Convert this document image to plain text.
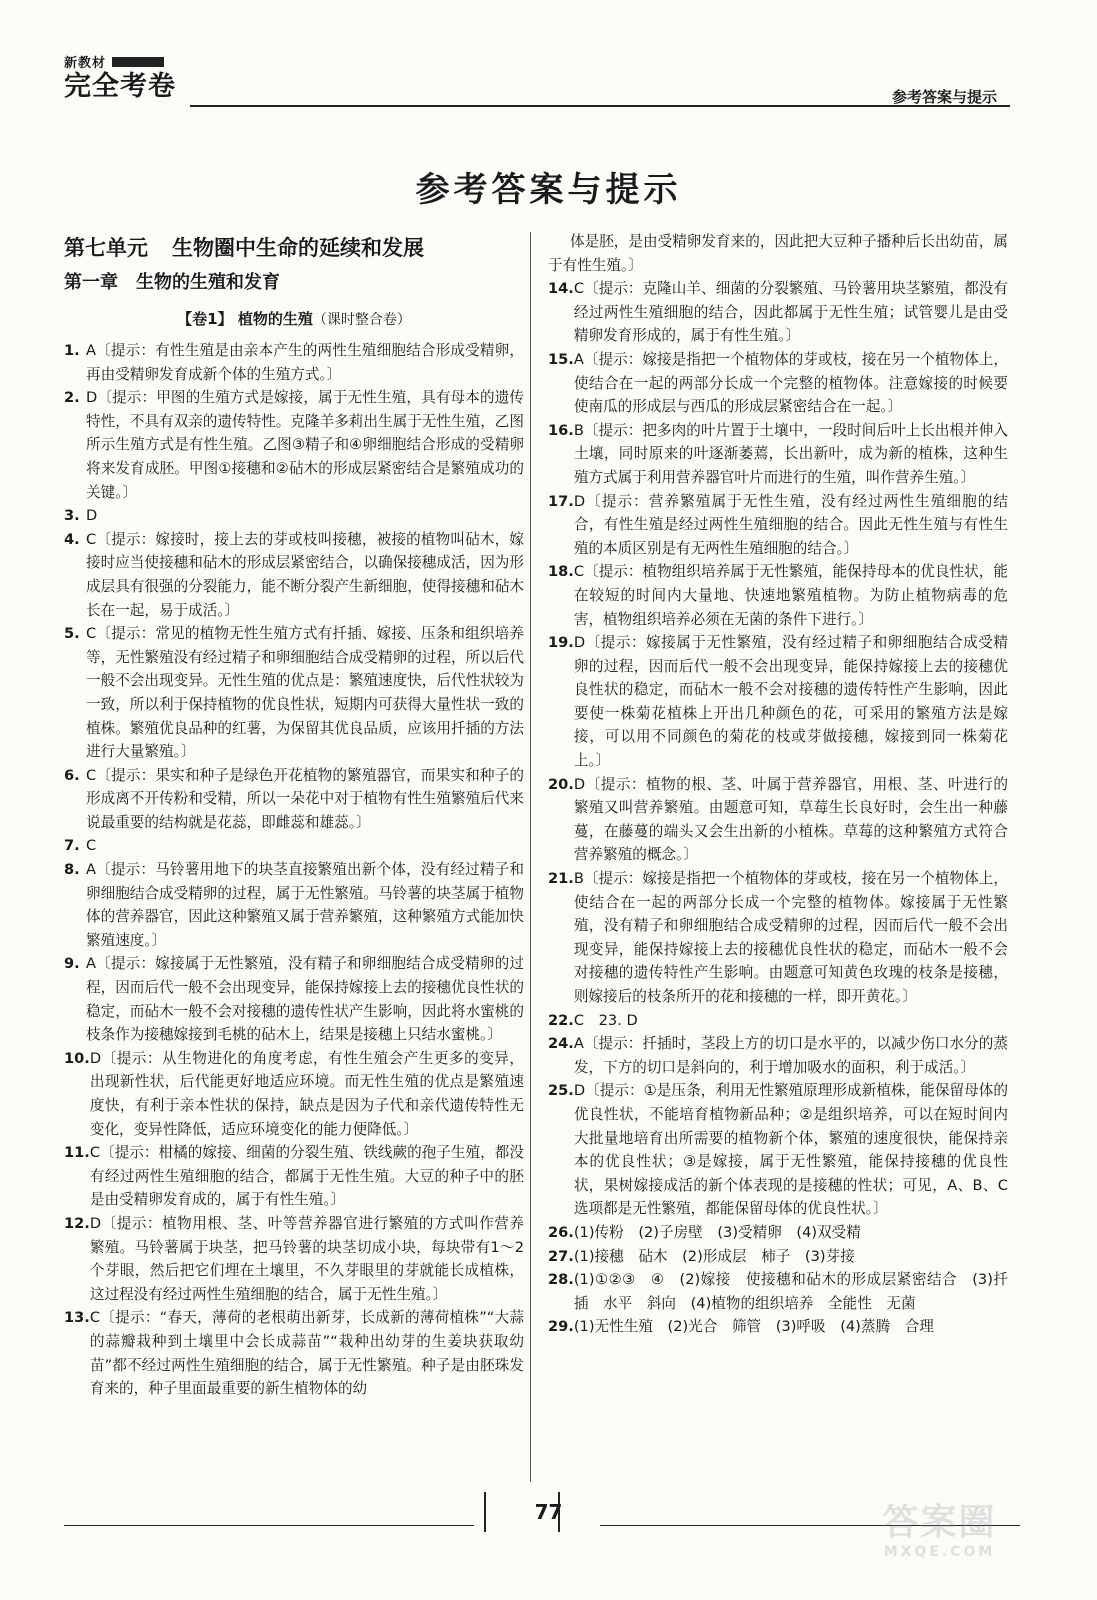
新教材
完全考卷	参考答案与提示
参考答案与提示
第七单元 生物圈中生命的延续和发展
第一章 生物的生殖和发育
【卷1】 植物的生殖（课时整合卷）
1. A〔提示：有性生殖是由亲本产生的两性生殖细胞结合形成受精卵，再由受精卵发育成新个体的生殖方式。〕
2. D〔提示：甲图的生殖方式是嫁接，属于无性生殖，具有母本的遗传特性，不具有双亲的遗传特性。克隆羊多莉出生属于无性生殖，乙图所示生殖方式是有性生殖。乙图③精子和④卵细胞结合形成的受精卵将来发育成胚。甲图①接穗和②砧木的形成层紧密结合是繁殖成功的关键。〕
3. D
4. C〔提示：嫁接时，接上去的芽或枝叫接穗，被接的植物叫砧木，嫁接时应当使接穗和砧木的形成层紧密结合，以确保接穗成活，因为形成层具有很强的分裂能力，能不断分裂产生新细胞，使得接穗和砧木长在一起，易于成活。〕
5. C〔提示：常见的植物无性生殖方式有扦插、嫁接、压条和组织培养等，无性繁殖没有经过精子和卵细胞结合成受精卵的过程，所以后代一般不会出现变异。无性生殖的优点是：繁殖速度快，后代性状较为一致，所以利于保持植物的优良性状，短期内可获得大量性状一致的植株。繁殖优良品种的红薯，为保留其优良品质，应该用扦插的方法进行大量繁殖。〕
6. C〔提示：果实和种子是绿色开花植物的繁殖器官，而果实和种子的形成离不开传粉和受精，所以一朵花中对于植物有性生殖繁殖后代来说最重要的结构就是花蕊，即雌蕊和雄蕊。〕
7. C
8. A〔提示：马铃薯用地下的块茎直接繁殖出新个体，没有经过精子和卵细胞结合成受精卵的过程，属于无性繁殖。马铃薯的块茎属于植物体的营养器官，因此这种繁殖又属于营养繁殖，这种繁殖方式能加快繁殖速度。〕
9. A〔提示：嫁接属于无性繁殖，没有精子和卵细胞结合成受精卵的过程，因而后代一般不会出现变异，能保持嫁接上去的接穗优良性状的稳定，而砧木一般不会对接穗的遗传性状产生影响，因此将水蜜桃的枝条作为接穗嫁接到毛桃的砧木上，结果是接穗上只结水蜜桃。〕
10. D〔提示：从生物进化的角度考虑，有性生殖会产生更多的变异，出现新性状，后代能更好地适应环境。而无性生殖的优点是繁殖速度快，有利于亲本性状的保持，缺点是因为子代和亲代遗传特性无变化，变异性降低，适应环境变化的能力便降低。〕
11. C〔提示：柑橘的嫁接、细菌的分裂生殖、铁线蕨的孢子生殖，都没有经过两性生殖细胞的结合，都属于无性生殖。大豆的种子中的胚是由受精卵发育成的，属于有性生殖。〕
12. D〔提示：植物用根、茎、叶等营养器官进行繁殖的方式叫作营养繁殖。马铃薯属于块茎，把马铃薯的块茎切成小块，每块带有1～2个芽眼，然后把它们埋在土壤里，不久芽眼里的芽就能长成植株，这过程没有经过两性生殖细胞的结合，属于无性生殖。〕
13. C〔提示：“春天，薄荷的老根萌出新芽，长成新的薄荷植株”“大蒜的蒜瓣栽种到土壤里中会长成蒜苗”“栽种出幼芽的生姜块获取幼苗”都不经过两性生殖细胞的结合，属于无性繁殖。种子是由胚珠发育来的，种子里面最重要的新生植物体的幼
体是胚，是由受精卵发育来的，因此把大豆种子播种后长出幼苗，属于有性生殖。〕
14. C〔提示：克隆山羊、细菌的分裂繁殖、马铃薯用块茎繁殖，都没有经过两性生殖细胞的结合，因此都属于无性生殖；试管婴儿是由受精卵发育形成的，属于有性生殖。〕
15. A〔提示：嫁接是指把一个植物体的芽或枝，接在另一个植物体上，使结合在一起的两部分长成一个完整的植物体。注意嫁接的时候要使南瓜的形成层与西瓜的形成层紧密结合在一起。〕
16. B〔提示：把多肉的叶片置于土壤中，一段时间后叶上长出根并伸入土壤，同时原来的叶逐渐萎蔫，长出新叶，成为新的植株，这种生殖方式属于利用营养器官叶片而进行的生殖，叫作营养生殖。〕
17. D〔提示：营养繁殖属于无性生殖，没有经过两性生殖细胞的结合，有性生殖是经过两性生殖细胞的结合。因此无性生殖与有性生殖的本质区别是有无两性生殖细胞的结合。〕
18. C〔提示：植物组织培养属于无性繁殖，能保持母本的优良性状，能在较短的时间内大量地、快速地繁殖植物。为防止植物病毒的危害，植物组织培养必须在无菌的条件下进行。〕
19. D〔提示：嫁接属于无性繁殖，没有经过精子和卵细胞结合成受精卵的过程，因而后代一般不会出现变异，能保持嫁接上去的接穗优良性状的稳定，而砧木一般不会对接穗的遗传特性产生影响，因此要使一株菊花植株上开出几种颜色的花，可采用的繁殖方法是嫁接，可以用不同颜色的菊花的枝或芽做接穗，嫁接到同一株菊花上。〕
20. D〔提示：植物的根、茎、叶属于营养器官，用根、茎、叶进行的繁殖又叫营养繁殖。由题意可知，草莓生长良好时，会生出一种藤蔓，在藤蔓的端头又会生出新的小植株。草莓的这种繁殖方式符合营养繁殖的概念。〕
21. B〔提示：嫁接是指把一个植物体的芽或枝，接在另一个植物体上，使结合在一起的两部分长成一个完整的植物体。嫁接属于无性繁殖，没有精子和卵细胞结合成受精卵的过程，因而后代一般不会出现变异，能保持嫁接上去的接穗优良性状的稳定，而砧木一般不会对接穗的遗传特性产生影响。由题意可知黄色玫瑰的枝条是接穗，则嫁接后的枝条所开的花和接穗的一样，即开黄花。〕
22. C　23. D
24. A〔提示：扦插时，茎段上方的切口是水平的，以减少伤口水分的蒸发，下方的切口是斜向的，利于增加吸水的面积，利于成活。〕
25. D〔提示：①是压条，利用无性繁殖原理形成新植株，能保留母体的优良性状，不能培育植物新品种；②是组织培养，可以在短时间内大批量地培育出所需要的植物新个体，繁殖的速度很快，能保持亲本的优良性状；③是嫁接，属于无性繁殖，能保持接穗的优良性状，果树嫁接成活的新个体表现的是接穗的性状；可见，A、B、C选项都是无性繁殖，都能保留母体的优良性状。〕
26. (1)传粉　(2)子房壁　(3)受精卵　(4)双受精
27. (1)接穗　砧木　(2)形成层　柿子　(3)芽接
28. (1)①②③　④　(2)嫁接　使接穗和砧木的形成层紧密结合　(3)扦插　水平　斜向　(4)植物的组织培养　全能性　无菌
29. (1)无性生殖　(2)光合　筛管　(3)呼吸　(4)蒸腾　合理
77	答案圈
MXQE.COM
